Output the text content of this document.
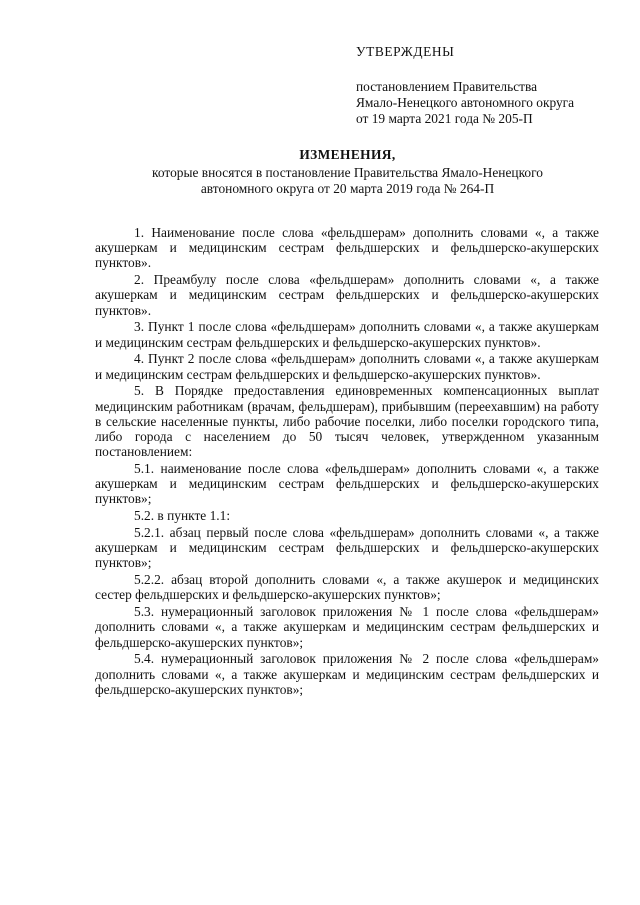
УТВЕРЖДЕНЫ
постановлением Правительства
Ямало-Ненецкого автономного округа
от 19 марта 2021 года № 205-П
ИЗМЕНЕНИЯ,
которые вносятся в постановление Правительства Ямало-Ненецкого
автономного округа от 20 марта 2019 года № 264-П

1. Наименование после слова «фельдшерам» дополнить словами «, а также акушеркам и медицинским сестрам фельдшерских и фельдшерско-акушерских пунктов».

2. Преамбулу после слова «фельдшерам» дополнить словами «, а также акушеркам и медицинским сестрам фельдшерских и фельдшерско-акушерских пунктов».

3. Пункт 1 после слова «фельдшерам» дополнить словами «, а также акушеркам и медицинским сестрам фельдшерских и фельдшерско-акушерских пунктов».

4. Пункт 2 после слова «фельдшерам» дополнить словами «, а также акушеркам и медицинским сестрам фельдшерских и фельдшерско-акушерских пунктов».

5. В Порядке предоставления единовременных компенсационных выплат медицинским работникам (врачам, фельдшерам), прибывшим (переехавшим) на работу в сельские населенные пункты, либо рабочие поселки, либо поселки городского типа, либо города с населением до 50 тысяч человек, утвержденном указанным постановлением:

5.1. наименование после слова «фельдшерам» дополнить словами «, а также акушеркам и медицинским сестрам фельдшерских и фельдшерско-акушерских пунктов»;

5.2. в пункте 1.1:

5.2.1. абзац первый после слова «фельдшерам» дополнить словами «, а также акушеркам и медицинским сестрам фельдшерских и фельдшерско-акушерских пунктов»;

5.2.2. абзац второй дополнить словами «, а также акушерок и медицинских сестер фельдшерских и фельдшерско-акушерских пунктов»;

5.3. нумерационный заголовок приложения № 1 после слова «фельдшерам» дополнить словами «, а также акушеркам и медицинским сестрам фельдшерских и фельдшерско-акушерских пунктов»;

5.4. нумерационный заголовок приложения № 2 после слова «фельдшерам» дополнить словами «, а также акушеркам и медицинским сестрам фельдшерских и фельдшерско-акушерских пунктов»;
